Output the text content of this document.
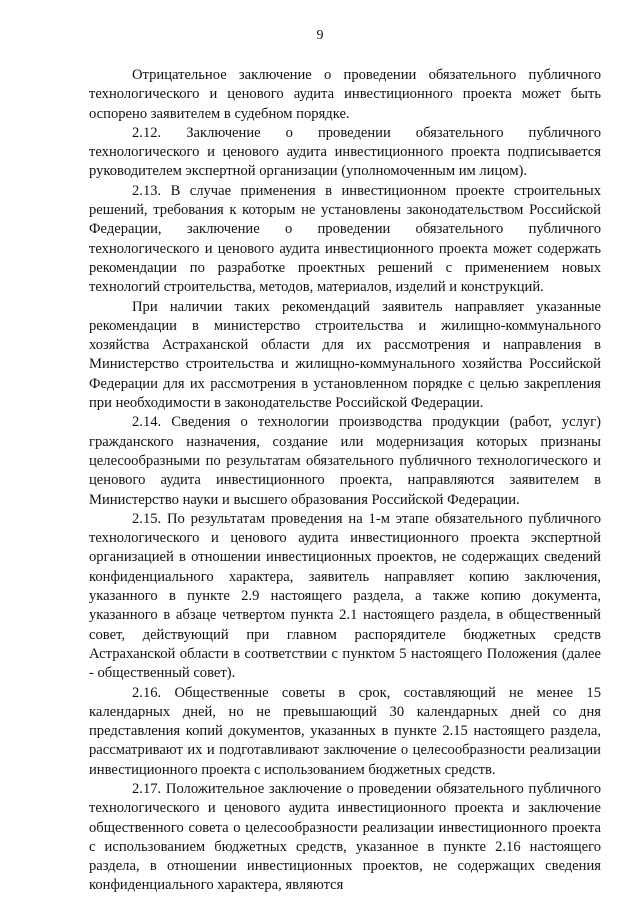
9

Отрицательное заключение о проведении обязательного публичного технологического и ценового аудита инвестиционного проекта может быть оспорено заявителем в судебном порядке.

2.12. Заключение о проведении обязательного публичного технологического и ценового аудита инвестиционного проекта подписывается руководителем экспертной организации (уполномоченным им лицом).

2.13. В случае применения в инвестиционном проекте строительных решений, требования к которым не установлены законодательством Российской Федерации, заключение о проведении обязательного публичного технологического и ценового аудита инвестиционного проекта может содержать рекомендации по разработке проектных решений с применением новых технологий строительства, методов, материалов, изделий и конструкций.

При наличии таких рекомендаций заявитель направляет указанные рекомендации в министерство строительства и жилищно-коммунального хозяйства Астраханской области для их рассмотрения и направления в Министерство строительства и жилищно-коммунального хозяйства Российской Федерации для их рассмотрения в установленном порядке с целью закрепления при необходимости в законодательстве Российской Федерации.

2.14. Сведения о технологии производства продукции (работ, услуг) гражданского назначения, создание или модернизация которых признаны целесообразными по результатам обязательного публичного технологического и ценового аудита инвестиционного проекта, направляются заявителем в Министерство науки и высшего образования Российской Федерации.

2.15. По результатам проведения на 1-м этапе обязательного публичного технологического и ценового аудита инвестиционного проекта экспертной организацией в отношении инвестиционных проектов, не содержащих сведений конфиденциального характера, заявитель направляет копию заключения, указанного в пункте 2.9 настоящего раздела, а также копию документа, указанного в абзаце четвертом пункта 2.1 настоящего раздела, в общественный совет, действующий при главном распорядителе бюджетных средств Астраханской области в соответствии с пунктом 5 настоящего Положения (далее - общественный совет).

2.16. Общественные советы в срок, составляющий не менее 15 календарных дней, но не превышающий 30 календарных дней со дня представления копий документов, указанных в пункте 2.15 настоящего раздела, рассматривают их и подготавливают заключение о целесообразности реализации инвестиционного проекта с использованием бюджетных средств.

2.17. Положительное заключение о проведении обязательного публичного технологического и ценового аудита инвестиционного проекта и заключение общественного совета о целесообразности реализации инвестиционного проекта с использованием бюджетных средств, указанное в пункте 2.16 настоящего раздела, в отношении инвестиционных проектов, не содержащих сведения конфиденциального характера, являются
